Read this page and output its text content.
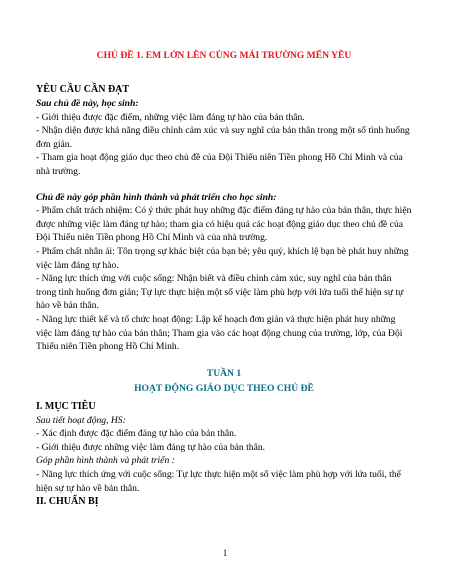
CHỦ ĐỀ 1. EM LỚN LÊN CÙNG MÁI TRƯỜNG MẾN YÊU

YÊU CẦU CẦN ĐẠT

Sau chủ đề này, học sinh:

- Giới thiệu được đặc điểm, những việc làm đáng tự hào của bản thân.

- Nhận diện được khả năng điều chỉnh cảm xúc và suy nghĩ của bản thân trong một số tình huống đơn giản.

- Tham gia hoạt động giáo dục theo chủ đề của Đội Thiếu niên Tiền phong Hồ Chí Minh và của nhà trường.

Chủ đề này góp phần hình thành và phát triển cho học sinh:

- Phẩm chất trách nhiệm: Có ý thức phát huy những đặc điểm đáng tự hào của bản thân, thực hiện được những việc làm đáng tự hào; tham gia có hiệu quả các hoạt động giáo dục theo chủ đề của Đội Thiếu niên Tiền phong Hồ Chí Minh và của nhà trường.

- Phẩm chất nhân ái: Tôn trọng sự khác biệt của bạn bè; yêu quý, khích lệ bạn bè phát huy những việc làm đáng tự hào.

- Năng lực thích ứng với cuộc sống: Nhận biết và điều chỉnh cảm xúc, suy nghĩ của bản thân trong tình huống đơn giản; Tự lực thực hiện một số việc làm phù hợp với lứa tuổi thể hiện sự tự hào về bản thân.

- Năng lực thiết kế và tổ chức hoạt động: Lập kế hoạch đơn giản và thực hiện phát huy những việc làm đáng tự hào của bản thân; Tham gia vào các hoạt động chung của trường, lớp, của Đội Thiếu niên Tiền phong Hồ Chí Minh.

TUẦN 1

HOẠT ĐỘNG GIÁO DỤC THEO CHỦ ĐỀ

I. MỤC TIÊU

Sau tiết hoạt động, HS:

- Xác định được đặc điểm đáng tự hào của bản thân.

- Giới thiệu được những việc làm đáng tự hào của bản thân.

Góp phần hình thành và phát triển :

- Năng lực thích ứng với cuộc sống: Tự lực thực hiện một số việc làm phù hợp với lứa tuổi, thể hiện sự tự hào về bản thân.

II. CHUẨN BỊ

1
